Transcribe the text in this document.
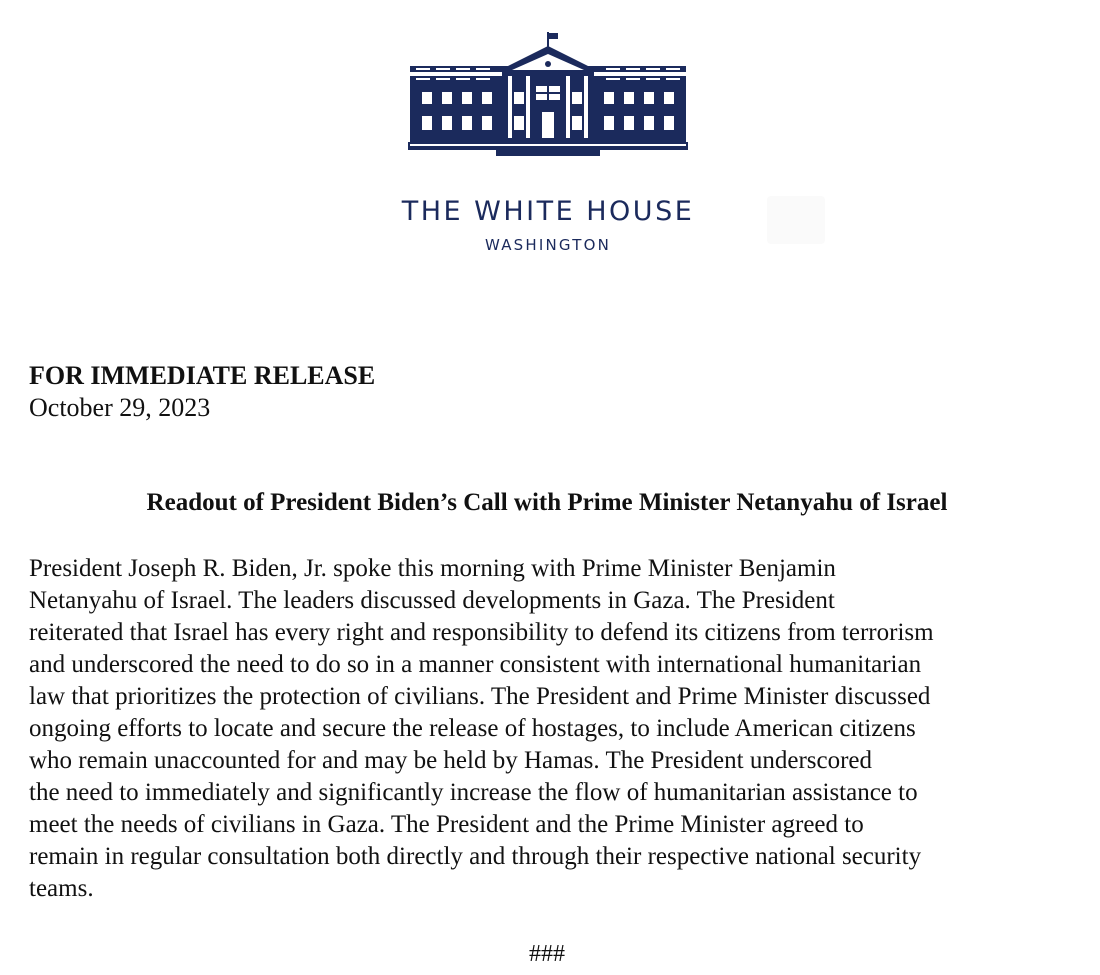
THE WHITE HOUSE
WASHINGTON
FOR IMMEDIATE RELEASE
October 29, 2023
Readout of President Biden’s Call with Prime Minister Netanyahu of Israel
President Joseph R. Biden, Jr. spoke this morning with Prime Minister Benjamin
Netanyahu of Israel. The leaders discussed developments in Gaza. The President
reiterated that Israel has every right and responsibility to defend its citizens from terrorism
and underscored the need to do so in a manner consistent with international humanitarian
law that prioritizes the protection of civilians. The President and Prime Minister discussed
ongoing efforts to locate and secure the release of hostages, to include American citizens
who remain unaccounted for and may be held by Hamas. The President underscored
the need to immediately and significantly increase the flow of humanitarian assistance to
meet the needs of civilians in Gaza. The President and the Prime Minister agreed to
remain in regular consultation both directly and through their respective national security
teams.
###
